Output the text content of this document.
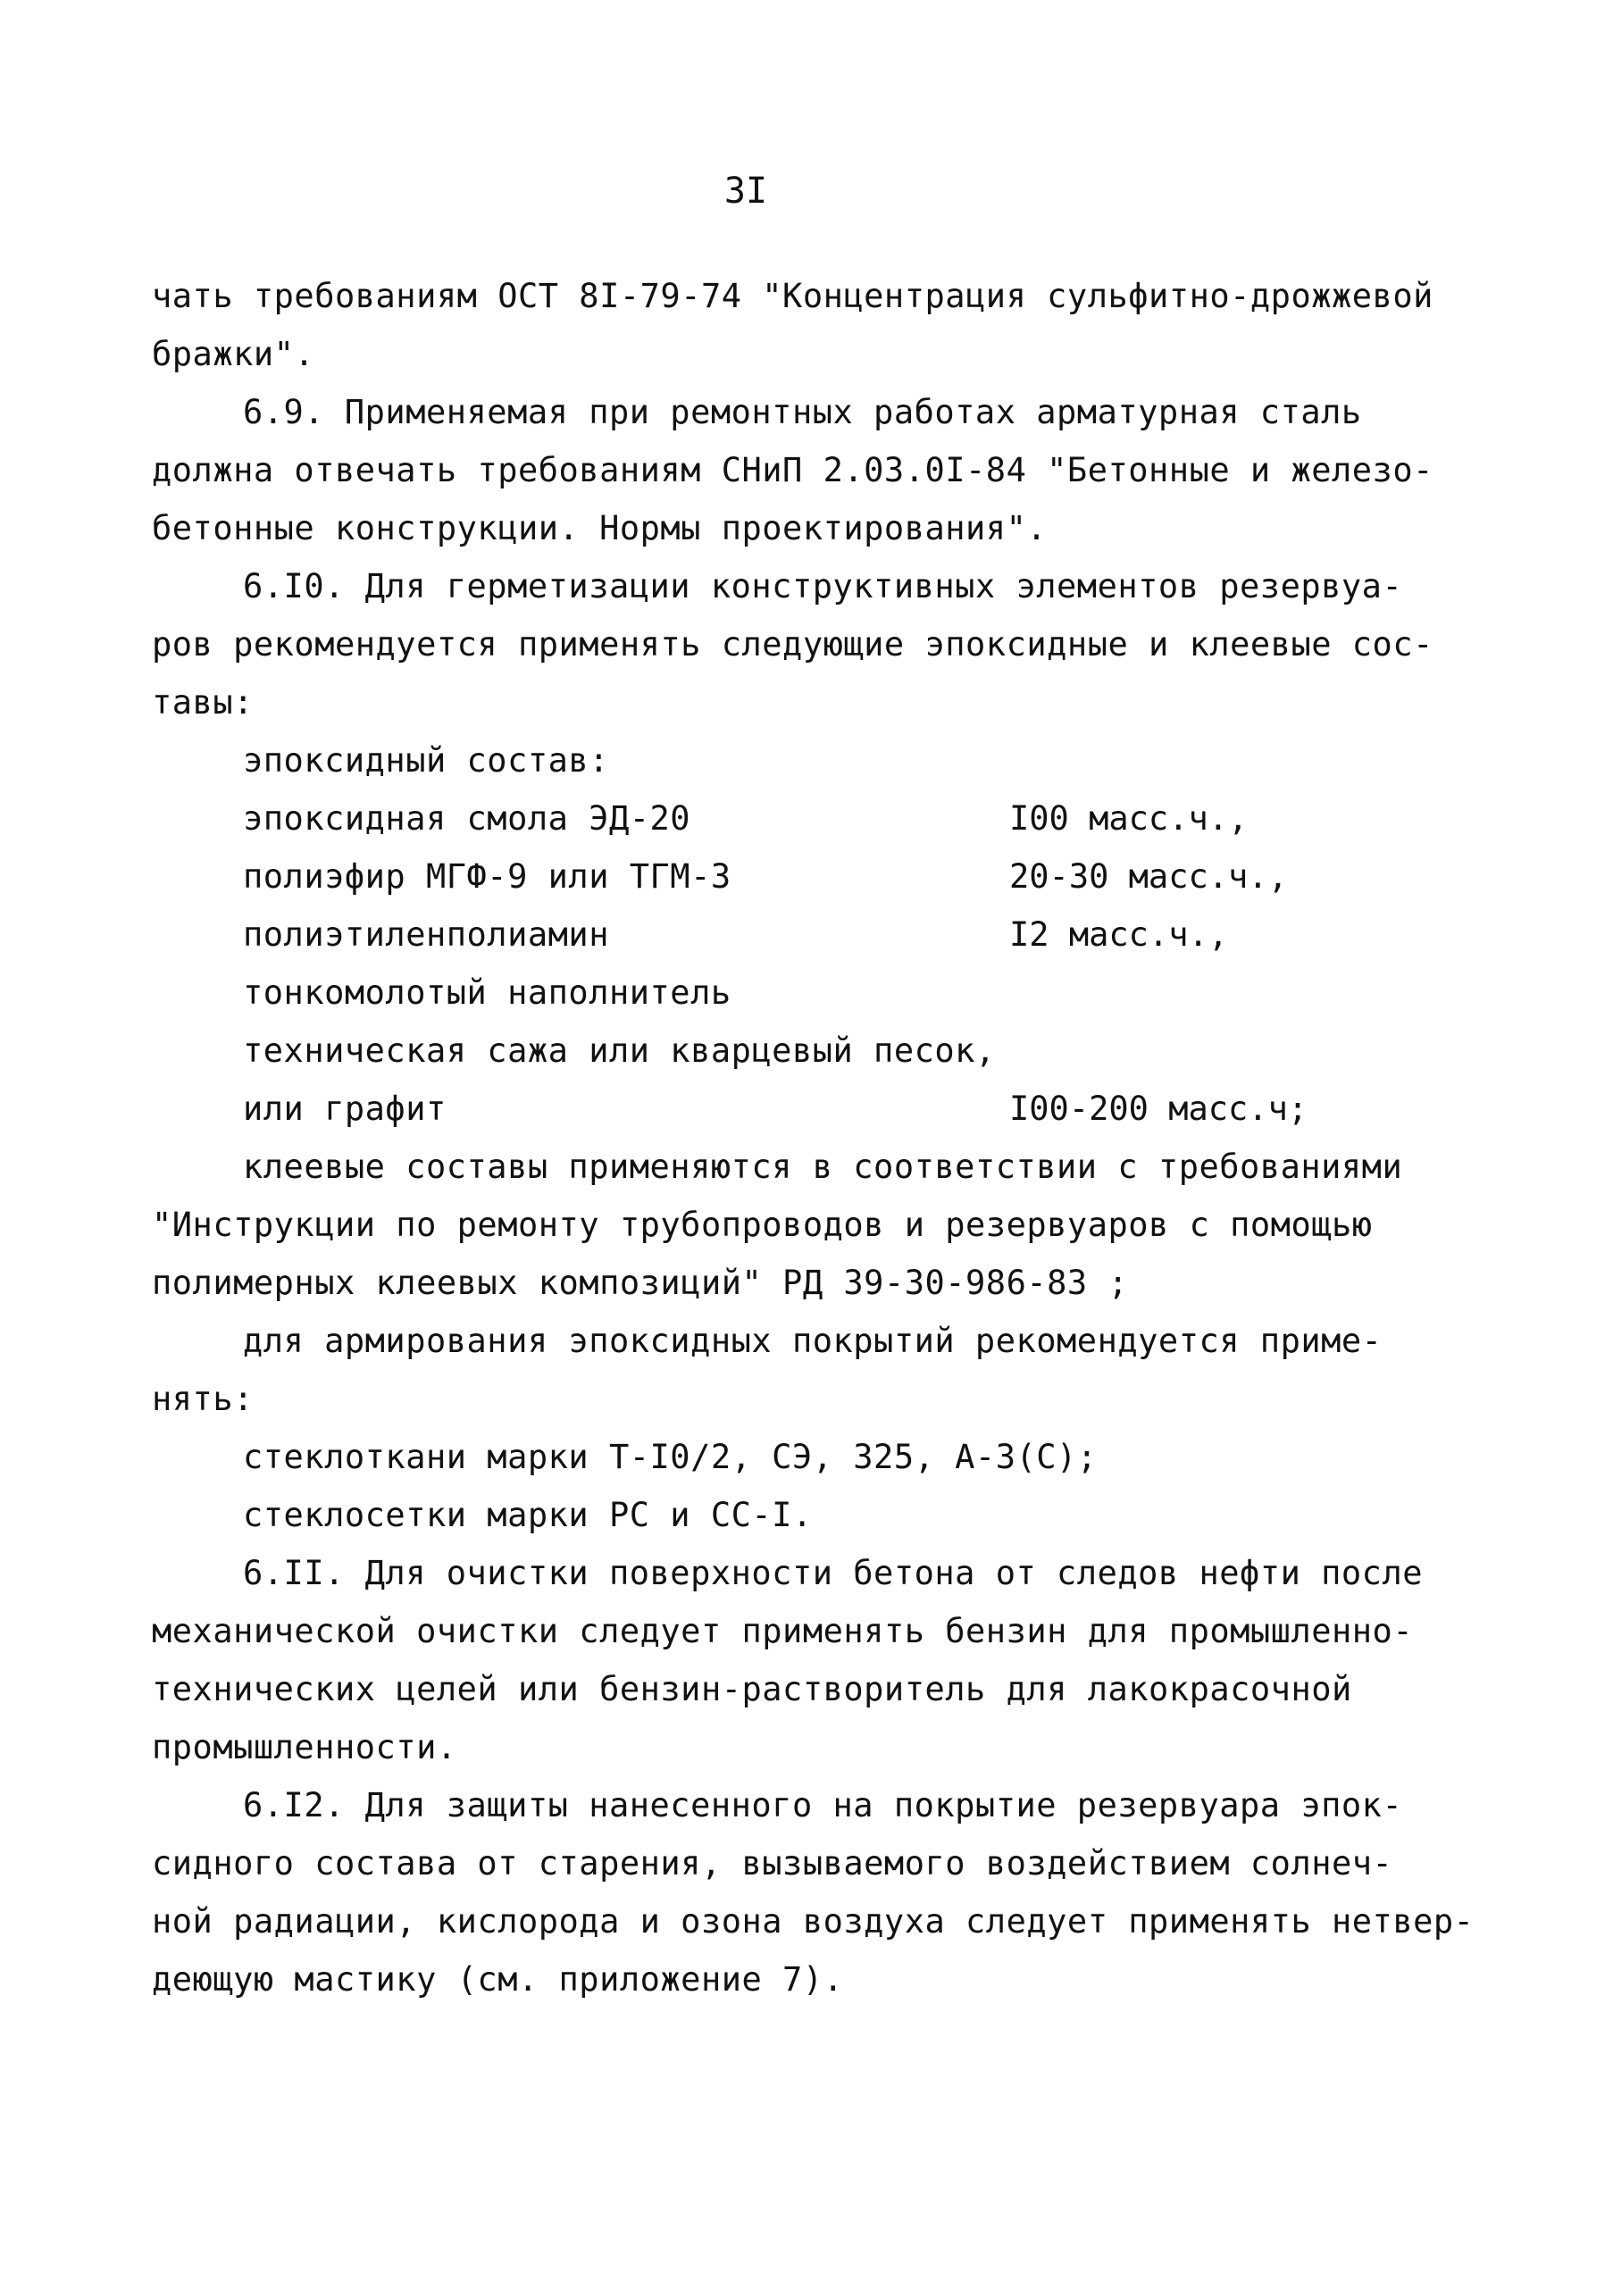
3I
чать требованиям ОСТ 8I-79-74 "Концентрация сульфитно-дрожжевой
бражки".
6.9. Применяемая при ремонтных работах арматурная сталь
должна отвечать требованиям СНиП 2.03.0I-84 "Бетонные и железо-
бетонные конструкции. Нормы проектирования".
6.I0. Для герметизации конструктивных элементов резервуа-
ров рекомендуется применять следующие эпоксидные и клеевые сос-
тавы:
эпоксидный состав:
эпоксидная смола ЭД-20	I00 масс.ч.,
полиэфир МГФ-9 или ТГМ-3	20-30 масс.ч.,
полиэтиленполиамин	I2 масс.ч.,
тонкомолотый наполнитель
техническая сажа или кварцевый песок,
или графит	I00-200 масс.ч;
клеевые составы применяются в соответствии с требованиями
"Инструкции по ремонту трубопроводов и резервуаров с помощью
полимерных клеевых композиций" РД 39-30-986-83 ;
для армирования эпоксидных покрытий рекомендуется приме-
нять:
стеклоткани марки Т-I0/2, СЭ, 325, А-3(С);
стеклосетки марки РС и СС-I.
6.II. Для очистки поверхности бетона от следов нефти после
механической очистки следует применять бензин для промышленно-
технических целей или бензин-растворитель для лакокрасочной
промышленности.
6.I2. Для защиты нанесенного на покрытие резервуара эпок-
сидного состава от старения, вызываемого воздействием солнеч-
ной радиации, кислорода и озона воздуха следует применять нетвер-
деющую мастику (см. приложение 7).
